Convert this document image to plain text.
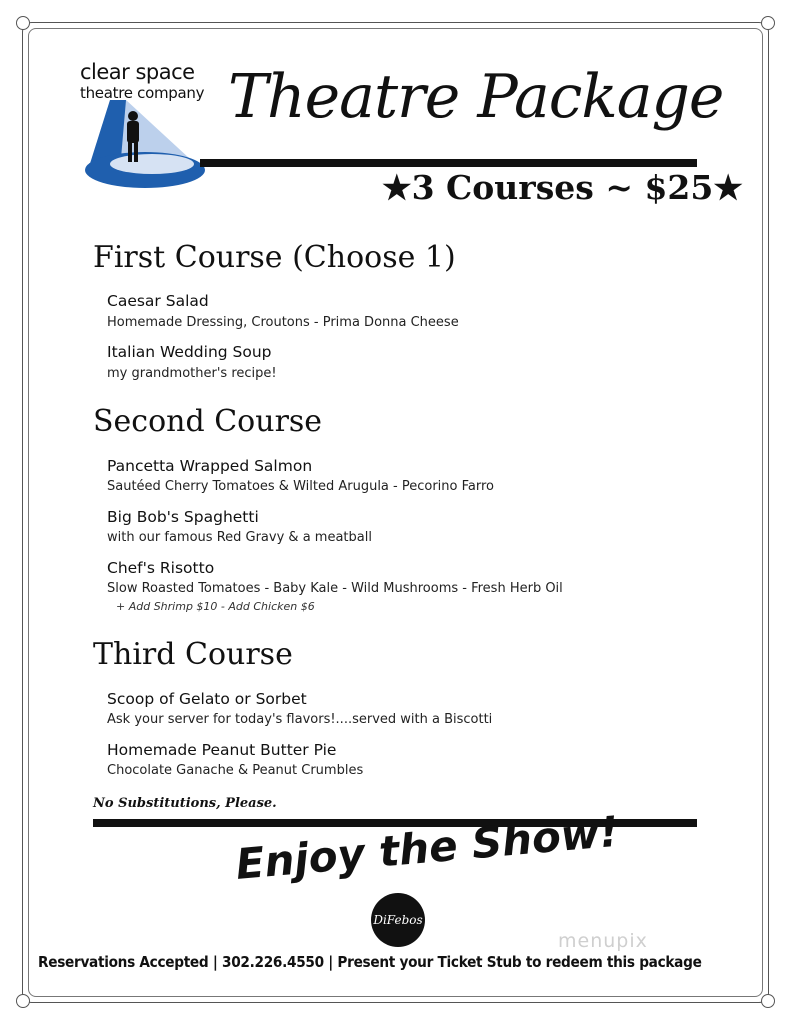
clear space
theatre company Theatre Package
★3 Courses ~ $25★
First Course (Choose 1)
Caesar Salad
Homemade Dressing, Croutons - Prima Donna Cheese
Italian Wedding Soup
my grandmother's recipe!
Second Course
Pancetta Wrapped Salmon
Sautéed Cherry Tomatoes & Wilted Arugula - Pecorino Farro
Big Bob's Spaghetti
with our famous Red Gravy & a meatball
Chef's Risotto
Slow Roasted Tomatoes - Baby Kale - Wild Mushrooms - Fresh Herb Oil
+ Add Shrimp $10 - Add Chicken $6
Third Course
Scoop of Gelato or Sorbet
Ask your server for today's flavors!....served with a Biscotti
Homemade Peanut Butter Pie
Chocolate Ganache & Peanut Crumbles
No Substitutions, Please.
Enjoy the Show!
DiFebos
menupix
Reservations Accepted | 302.226.4550 | Present your Ticket Stub to redeem this package
